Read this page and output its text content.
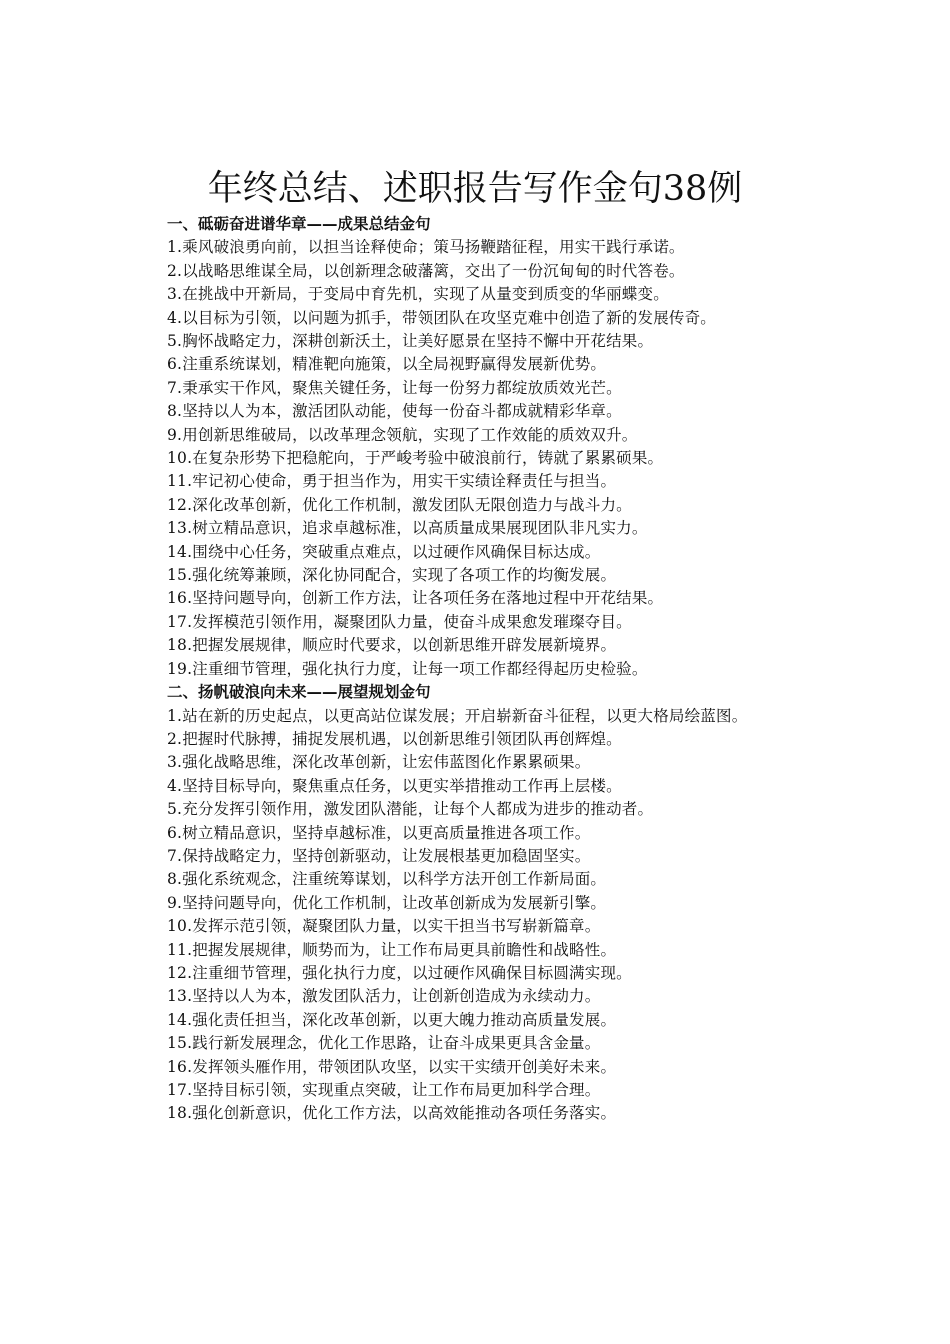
年终总结、述职报告写作金句38例
一、砥砺奋进谱华章——成果总结金句

1.乘风破浪勇向前，以担当诠释使命；策马扬鞭踏征程，用实干践行承诺。

2.以战略思维谋全局，以创新理念破藩篱，交出了一份沉甸甸的时代答卷。

3.在挑战中开新局，于变局中育先机，实现了从量变到质变的华丽蝶变。

4.以目标为引领，以问题为抓手，带领团队在攻坚克难中创造了新的发展传奇。

5.胸怀战略定力，深耕创新沃土，让美好愿景在坚持不懈中开花结果。

6.注重系统谋划，精准靶向施策，以全局视野赢得发展新优势。

7.秉承实干作风，聚焦关键任务，让每一份努力都绽放质效光芒。

8.坚持以人为本，激活团队动能，使每一份奋斗都成就精彩华章。

9.用创新思维破局，以改革理念领航，实现了工作效能的质效双升。

10.在复杂形势下把稳舵向，于严峻考验中破浪前行，铸就了累累硕果。

11.牢记初心使命，勇于担当作为，用实干实绩诠释责任与担当。

12.深化改革创新，优化工作机制，激发团队无限创造力与战斗力。

13.树立精品意识，追求卓越标准，以高质量成果展现团队非凡实力。

14.围绕中心任务，突破重点难点，以过硬作风确保目标达成。

15.强化统筹兼顾，深化协同配合，实现了各项工作的均衡发展。

16.坚持问题导向，创新工作方法，让各项任务在落地过程中开花结果。

17.发挥模范引领作用，凝聚团队力量，使奋斗成果愈发璀璨夺目。

18.把握发展规律，顺应时代要求，以创新思维开辟发展新境界。

19.注重细节管理，强化执行力度，让每一项工作都经得起历史检验。

二、扬帆破浪向未来——展望规划金句

1.站在新的历史起点，以更高站位谋发展；开启崭新奋斗征程，以更大格局绘蓝图。

2.把握时代脉搏，捕捉发展机遇，以创新思维引领团队再创辉煌。

3.强化战略思维，深化改革创新，让宏伟蓝图化作累累硕果。

4.坚持目标导向，聚焦重点任务，以更实举措推动工作再上层楼。

5.充分发挥引领作用，激发团队潜能，让每个人都成为进步的推动者。

6.树立精品意识，坚持卓越标准，以更高质量推进各项工作。

7.保持战略定力，坚持创新驱动，让发展根基更加稳固坚实。

8.强化系统观念，注重统筹谋划，以科学方法开创工作新局面。

9.坚持问题导向，优化工作机制，让改革创新成为发展新引擎。

10.发挥示范引领，凝聚团队力量，以实干担当书写崭新篇章。

11.把握发展规律，顺势而为，让工作布局更具前瞻性和战略性。

12.注重细节管理，强化执行力度，以过硬作风确保目标圆满实现。

13.坚持以人为本，激发团队活力，让创新创造成为永续动力。

14.强化责任担当，深化改革创新，以更大魄力推动高质量发展。

15.践行新发展理念，优化工作思路，让奋斗成果更具含金量。

16.发挥领头雁作用，带领团队攻坚，以实干实绩开创美好未来。

17.坚持目标引领，实现重点突破，让工作布局更加科学合理。

18.强化创新意识，优化工作方法，以高效能推动各项任务落实。
